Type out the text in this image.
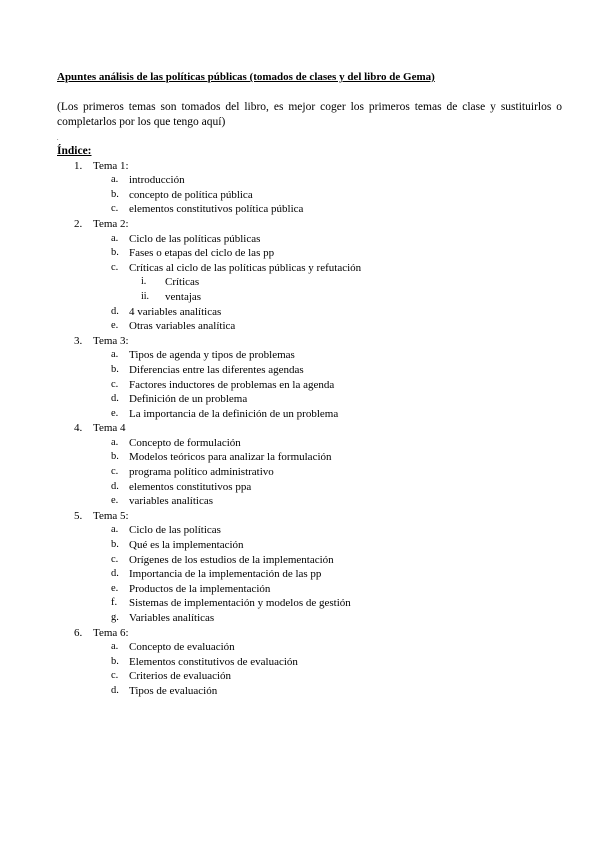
Apuntes análisis de las políticas públicas (tomados de clases y del libro de Gema)

(Los primeros temas son tomados del libro, es mejor coger los primeros temas de clase y sustituirlos o completarlos por los que tengo aquí)

.

Índice:

1. Tema 1:
a. introducción
b. concepto de política pública
c. elementos constitutivos política pública
2. Tema 2:
a. Ciclo de las políticas públicas
b. Fases o etapas del ciclo de las pp
c. Críticas al ciclo de las políticas públicas y refutación
i. Críticas
ii. ventajas
d. 4 variables analíticas
e. Otras variables analítica
3. Tema 3:
a. Tipos de agenda y tipos de problemas
b. Diferencias entre las diferentes agendas
c. Factores inductores de problemas en la agenda
d. Definición de un problema
e. La importancia de la definición de un problema
4. Tema 4
a. Concepto de formulación
b. Modelos teóricos para analizar la formulación
c. programa político administrativo
d. elementos constitutivos ppa
e. variables analíticas
5. Tema 5:
a. Ciclo de las políticas
b. Qué es la implementación
c. Orígenes de los estudios de la implementación
d. Importancia de la implementación de las pp
e. Productos de la implementación
f. Sistemas de implementación y modelos de gestión
g. Variables analíticas
6. Tema 6:
a. Concepto de evaluación
b. Elementos constitutivos de evaluación
c. Criterios de evaluación
d. Tipos de evaluación
